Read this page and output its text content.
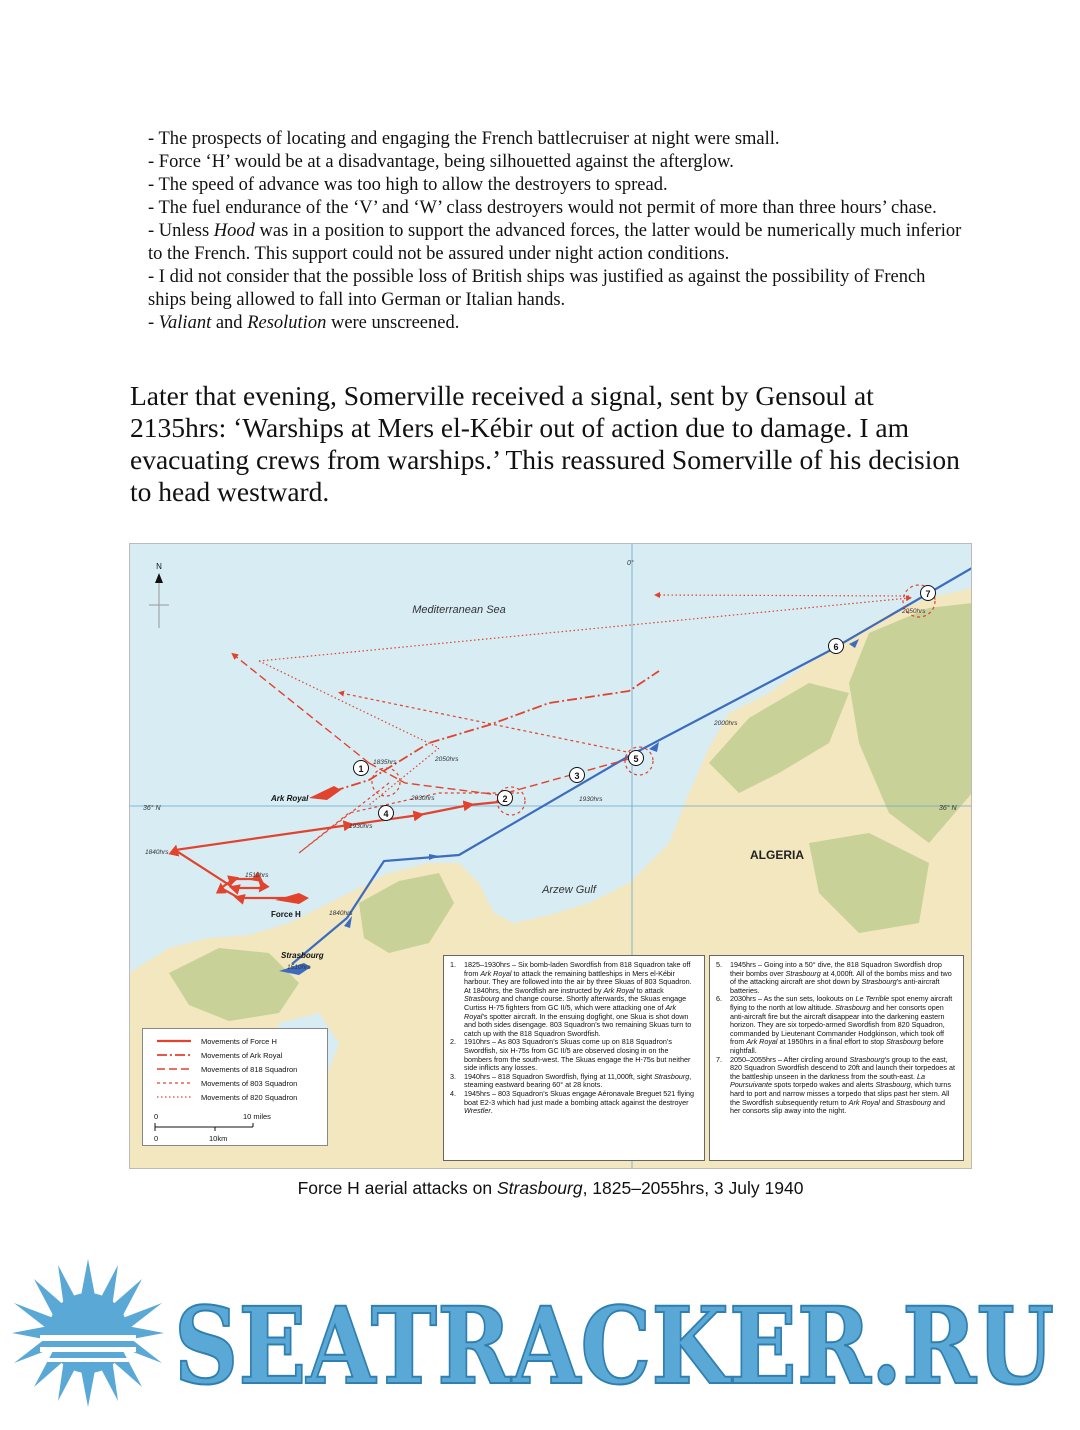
- The prospects of locating and engaging the French battlecruiser at night were small.

- Force ‘H’ would be at a disadvantage, being silhouetted against the afterglow.

- The speed of advance was too high to allow the destroyers to spread.

- The fuel endurance of the ‘V’ and ‘W’ class destroyers would not permit of more than three hours’ chase.

- Unless Hood was in a position to support the advanced forces, the latter would be numerically much inferior to the French. This support could not be assured under night action conditions.

- I did not consider that the possible loss of British ships was justified as against the possibility of French ships being allowed to fall into German or Italian hands.

- Valiant and Resolution were unscreened.

Later that evening, Somerville received a signal, sent by Gensoul at 2135hrs: ‘Warships at Mers el-Kébir out of action due to damage. I am evacuating crews from warships.’ This reassured Somerville of his decision to head westward.

N
Mediterranean Sea
Arzew Gulf
ALGERIA
36° N	36° N
0°
Ark Royal
Force H
Strasbourg
1835hrs	2050hrs
2030hrs
1930hrs
1930hrs
1840hrs
1510hrs
1840hrs
1510hrs
2000hrs
2050hrs
1
2
3
4
5
6
7
Movements of Force H
Movements of Ark Royal
Movements of 818 Squadron
Movements of 803 Squadron
Movements of 820 Squadron
0	10 miles
0	10km

1.	1825–1930hrs – Six bomb-laden Swordfish from 818 Squadron take off from Ark Royal to attack the remaining battleships in Mers el-Kébir harbour. They are followed into the air by three Skuas of 803 Squadron. At 1840hrs, the Swordfish are instructed by Ark Royal to attack Strasbourg and change course. Shortly afterwards, the Skuas engage Curtiss H-75 fighters from GC II/5, which were attacking one of Ark Royal’s spotter aircraft. In the ensuing dogfight, one Skua is shot down and both sides disengage. 803 Squadron’s two remaining Skuas turn to catch up with the 818 Squadron Swordfish.

2.	1910hrs – As 803 Squadron’s Skuas come up on 818 Squadron’s Swordfish, six H-75s from GC II/5 are observed closing in on the bombers from the south-west. The Skuas engage the H-75s but neither side inflicts any losses.

3.	1940hrs – 818 Squadron Swordfish, flying at 11,000ft, sight Strasbourg, steaming eastward bearing 60° at 28 knots.

4.	1945hrs – 803 Squadron’s Skuas engage Aéronavale Breguet 521 flying boat E2-3 which had just made a bombing attack against the destroyer Wrestler.

5.	1945hrs – Going into a 50° dive, the 818 Squadron Swordfish drop their bombs over Strasbourg at 4,000ft. All of the bombs miss and two of the attacking aircraft are shot down by Strasbourg’s anti-aircraft batteries.

6.	2030hrs – As the sun sets, lookouts on Le Terrible spot enemy aircraft flying to the north at low altitude. Strasbourg and her consorts open anti-aircraft fire but the aircraft disappear into the darkening eastern horizon. They are six torpedo-armed Swordfish from 820 Squadron, commanded by Lieutenant Commander Hodgkinson, which took off from Ark Royal at 1950hrs in a final effort to stop Strasbourg before nightfall.

7.	2050–2055hrs – After circling around Strasbourg’s group to the east, 820 Squadron Swordfish descend to 20ft and launch their torpedoes at the battleship unseen in the darkness from the south-east. La Poursuivante spots torpedo wakes and alerts Strasbourg, which turns hard to port and narrow misses a torpedo that slips past her stern. All the Swordfish subsequently return to Ark Royal and Strasbourg and her consorts slip away into the night.

Force H aerial attacks on Strasbourg, 1825–2055hrs, 3 July 1940
SEATRACKER.RU
